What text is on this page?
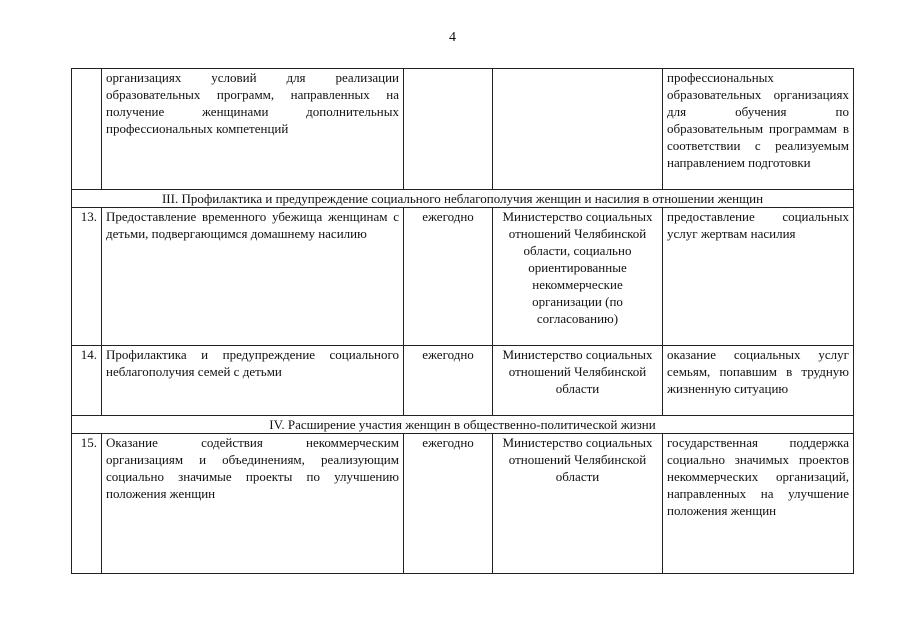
4
	организациях условий для реализации образовательных программ, направленных на получение женщинами дополнительных профессиональных компетенций			профессиональных образовательных организациях для обучения по образовательным программам в соответствии с реализуемым направлением подготовки
III. Профилактика и предупреждение социального неблагополучия женщин и насилия в отношении женщин				
13.	Предоставление временного убежища женщинам с детьми, подвергающимся домашнему насилию	ежегодно	Министерство социальных отношений Челябинской области, социально ориентированные некоммерческие организации (по согласованию)	предоставление социальных услуг жертвам насилия
14.	Профилактика и предупреждение социального неблагополучия семей с детьми	ежегодно	Министерство социальных отношений Челябинской области	оказание социальных услуг семьям, попавшим в трудную жизненную ситуацию
IV. Расширение участия женщин в общественно-политической жизни				
15.	Оказание содействия некоммерческим организациям и объединениям, реализующим социально значимые проекты по улучшению положения женщин	ежегодно	Министерство социальных отношений Челябинской области	государственная поддержка социально значимых проектов некоммерческих организаций, направленных на улучшение положения женщин
